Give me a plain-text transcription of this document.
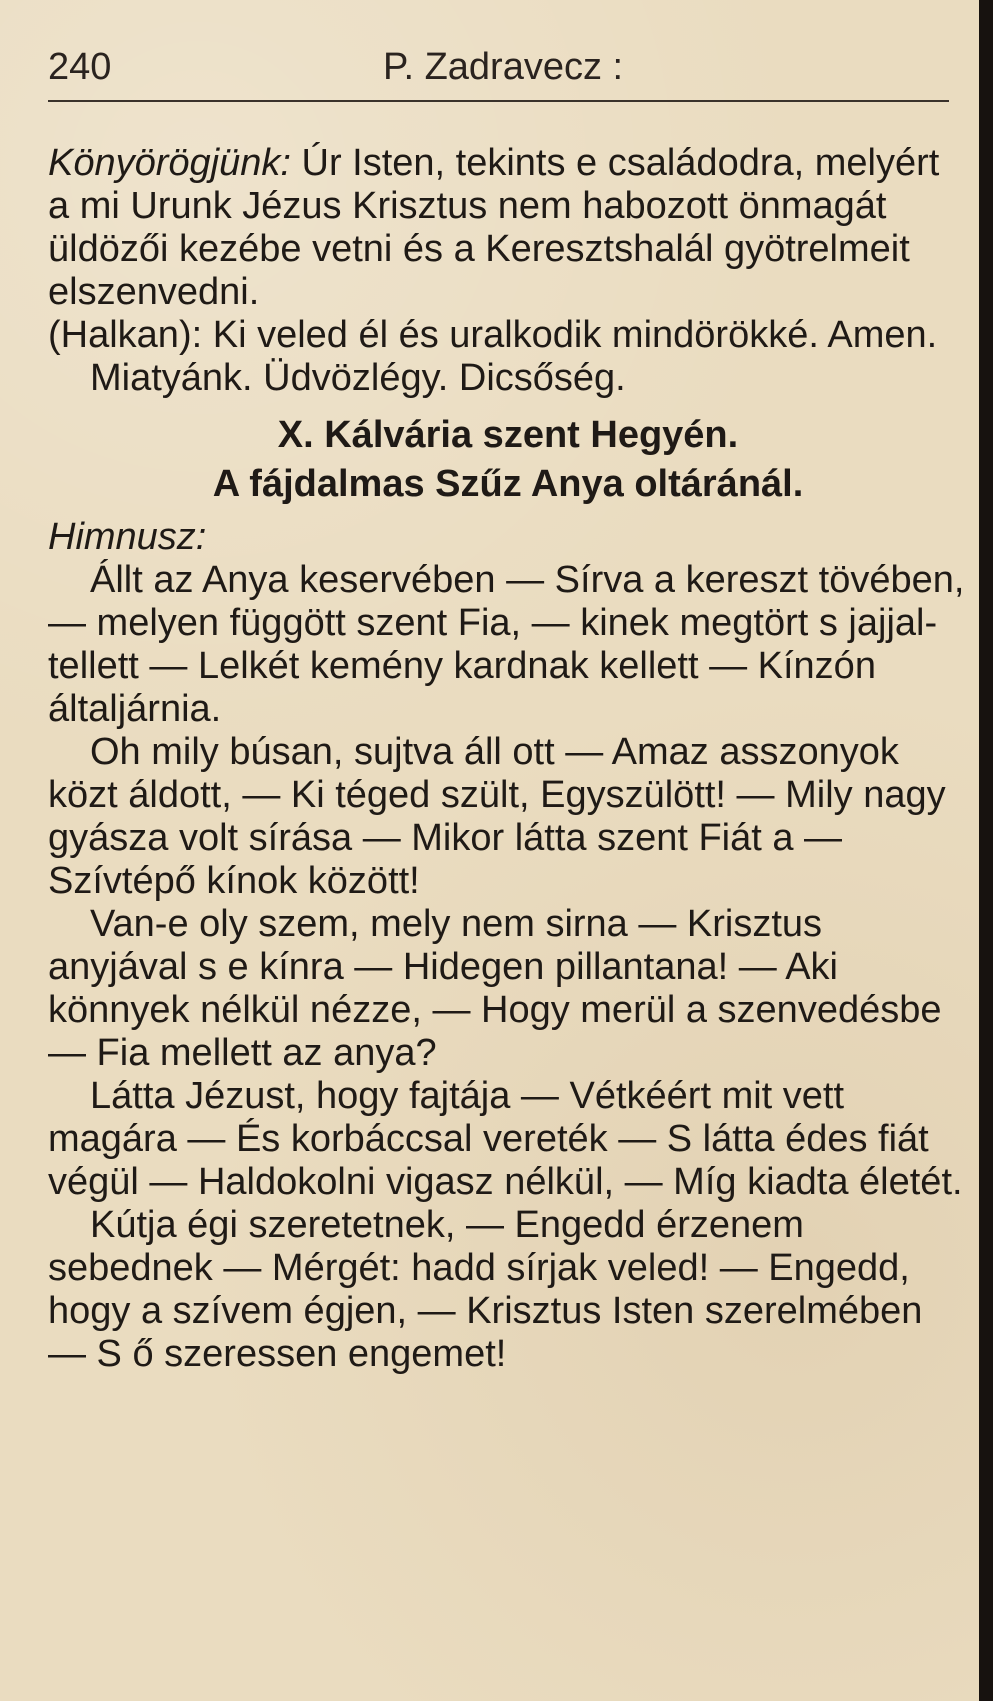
240	P. Zadravecz :

Könyörögjünk: Úr Isten, tekints e családodra, melyért a mi Urunk Jézus Krisztus nem habozott önmagát üldözői kezébe vetni és a Keresztshalál gyötrelmeit elszenvedni.

(Halkan): Ki veled él és uralkodik mindörökké. Amen.

Miatyánk. Üdvözlégy. Dicsőség.

X. Kálvária szent Hegyén.

A fájdalmas Szűz Anya oltáránál.

Himnusz:

Állt az Anya keservében — Sírva a kereszt tövében, — melyen függött szent Fia, — kinek megtört s jajjal-tellett — Lelkét kemény kardnak kellett — Kínzón általjárnia.

Oh mily búsan, sujtva áll ott — Amaz asszonyok közt áldott, — Ki téged szült, Egyszülött! — Mily nagy gyásza volt sírása — Mikor látta szent Fiát a — Szívtépő kínok között!

Van-e oly szem, mely nem sirna — Krisztus anyjával s e kínra — Hidegen pillantana! — Aki könnyek nélkül nézze, — Hogy merül a szenvedésbe — Fia mellett az anya?

Látta Jézust, hogy fajtája — Vétkéért mit vett magára — És korbáccsal vereték — S látta édes fiát végül — Haldokolni vigasz nélkül, — Míg kiadta életét.

Kútja égi szeretetnek, — Engedd érzenem sebednek — Mérgét: hadd sírjak veled! — Engedd, hogy a szívem égjen, — Krisztus Isten szerelmében — S ő szeressen engemet!
